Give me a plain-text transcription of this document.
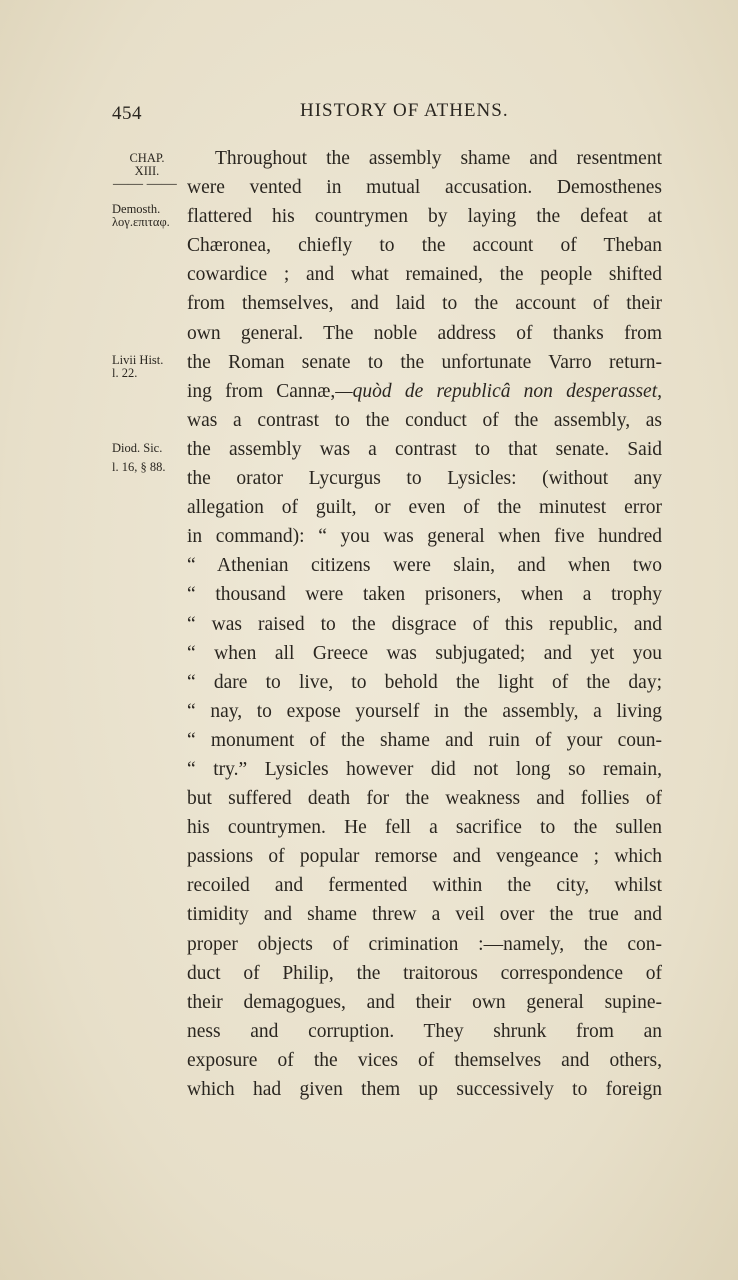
454	HISTORY OF ATHENS.
CHAP.
XIII.
—— ——
Demosth.
λογ.επιταφ.
Livii Hist.
l. 22.
Diod. Sic.
l. 16, § 88.
Throughout the assembly shame and resentment
were vented in mutual accusation. Demosthenes
flattered his countrymen by laying the defeat at
Chæronea, chiefly to the account of Theban
cowardice ; and what remained, the people shifted
from themselves, and laid to the account of their
own general. The noble address of thanks from
the Roman senate to the unfortunate Varro return-
ing from Cannæ,—quòd de republicâ non desperasset,
was a contrast to the conduct of the assembly, as
the assembly was a contrast to that senate. Said
the orator Lycurgus to Lysicles: (without any
allegation of guilt, or even of the minutest error
in command): “ you was general when five hundred
“ Athenian citizens were slain, and when two
“ thousand were taken prisoners, when a trophy
“ was raised to the disgrace of this republic, and
“ when all Greece was subjugated; and yet you
“ dare to live, to behold the light of the day;
“ nay, to expose yourself in the assembly, a living
“ monument of the shame and ruin of your coun-
“ try.” Lysicles however did not long so remain,
but suffered death for the weakness and follies of
his countrymen. He fell a sacrifice to the sullen
passions of popular remorse and vengeance ; which
recoiled and fermented within the city, whilst
timidity and shame threw a veil over the true and
proper objects of crimination :—namely, the con-
duct of Philip, the traitorous correspondence of
their demagogues, and their own general supine-
ness and corruption. They shrunk from an
exposure of the vices of themselves and others,
which had given them up successively to foreign
